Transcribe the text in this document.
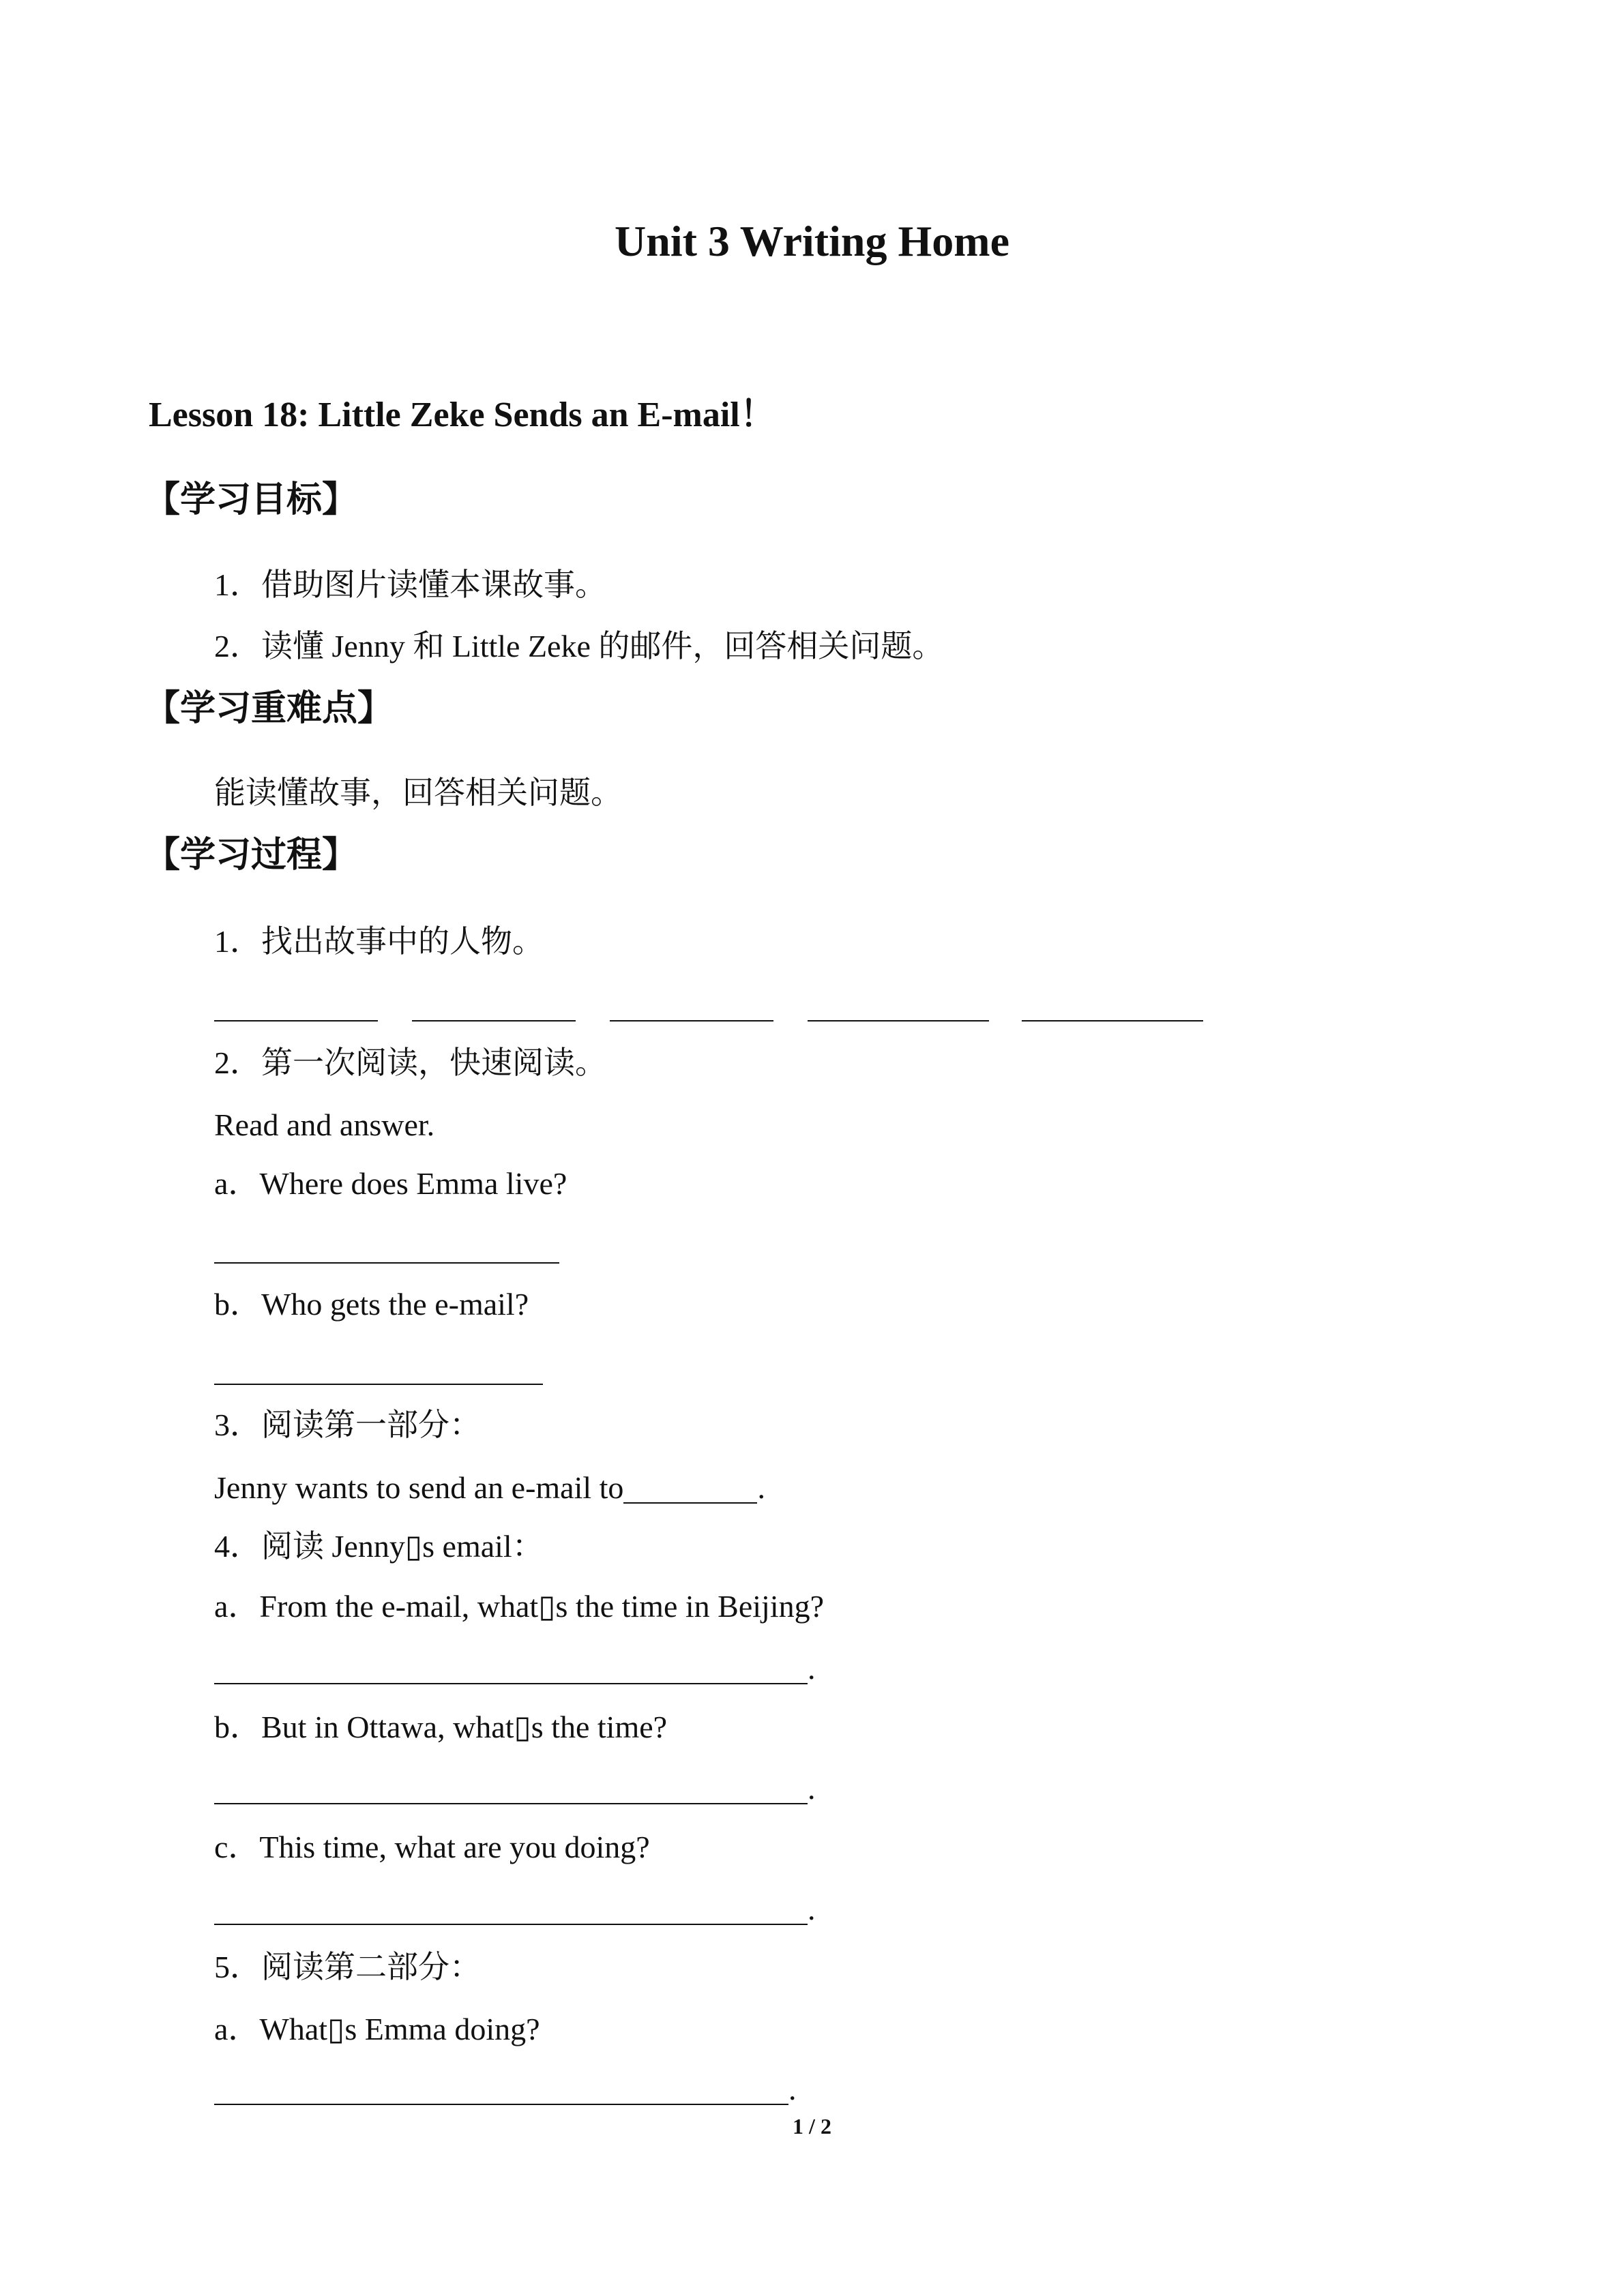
Unit 3 Writing Home
Lesson 18: Little Zeke Sends an E-mail！
【学习目标】
1．借助图片读懂本课故事。
2．读懂 Jenny 和 Little Zeke 的邮件，回答相关问题。
【学习重难点】
能读懂故事，回答相关问题。
【学习过程】
1．找出故事中的人物。
2．第一次阅读，快速阅读。
Read and answer.
a．Where does Emma live?
b．Who gets the e-mail?
3．阅读第一部分：
Jenny wants to send an e-mail to	.
4．阅读 Jenny▯s email：
a．From the e-mail, what▯s the time in Beijing?
.
b．But in Ottawa, what▯s the time?
.
c．This time, what are you doing?
.
5．阅读第二部分：
a．What▯s Emma doing?
.
1 / 2
